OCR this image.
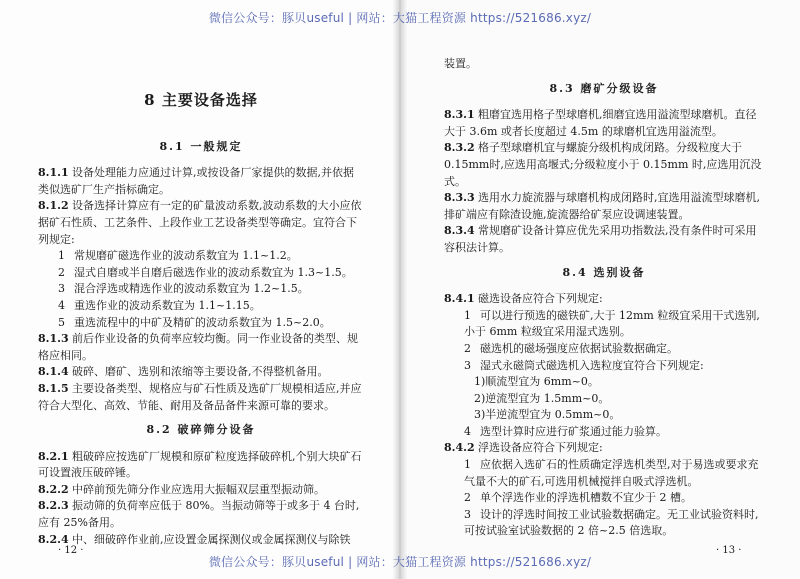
8 主要设备选择
8.1 一般规定

8.1.1 设备处理能力应通过计算,或按设备厂家提供的数据,并依据类似选矿厂生产指标确定。

8.1.2 设备选择计算应有一定的矿量波动系数,波动系数的大小应依据矿石性质、工艺条件、上段作业工艺设备类型等确定。宜符合下列规定:

1 常规磨矿磁选作业的波动系数宜为 1.1~1.2。
2 湿式自磨或半自磨后磁选作业的波动系数宜为 1.3~1.5。
3 混合浮选或精选作业的波动系数宜为 1.2~1.5。
4 重选作业的波动系数宜为 1.1~1.15。
5 重选流程中的中矿及精矿的波动系数宜为 1.5~2.0。

8.1.3 前后作业设备的负荷率应较均衡。同一作业设备的类型、规格应相同。

8.1.4 破碎、磨矿、选别和浓缩等主要设备,不得整机备用。

8.1.5 主要设备类型、规格应与矿石性质及选矿厂规模相适应,并应符合大型化、高效、节能、耐用及备品备件来源可靠的要求。

8.2 破碎筛分设备

8.2.1 粗破碎应按选矿厂规模和原矿粒度选择破碎机,个别大块矿石可设置液压破碎锤。

8.2.2 中碎前预先筛分作业应选用大振幅双层重型振动筛。

8.2.3 振动筛的负荷率应低于 80%。当振动筛等于或多于 4 台时,应有 25%备用。

8.2.4 中、细破碎作业前,应设置金属探测仪或金属探测仪与除铁

· 12 ·

装置。

8.3 磨矿分级设备

8.3.1 粗磨宜选用格子型球磨机,细磨宜选用溢流型球磨机。直径大于 3.6m 或者长度超过 4.5m 的球磨机宜选用溢流型。

8.3.2 格子型球磨机宜与螺旋分级机构成闭路。分级粒度大于 0.15mm时,应选用高堰式;分级粒度小于 0.15mm 时,应选用沉没式。

8.3.3 选用水力旋流器与球磨机构成闭路时,宜选用溢流型球磨机,排矿端应有除渣设施,旋流器给矿泵应设调速装置。

8.3.4 常规磨矿设备计算应优先采用功指数法,没有条件时可采用容积法计算。

8.4 选别设备

8.4.1 磁选设备应符合下列规定:

1 可以进行预选的磁铁矿,大于 12mm 粒级宜采用干式选别,小于 6mm 粒级宜采用湿式选别。
2 磁选机的磁场强度应依据试验数据确定。
3 湿式永磁筒式磁选机入选粒度宜符合下列规定:
1)顺流型宜为 6mm~0。
2)逆流型宜为 1.5mm~0。
3)半逆流型宜为 0.5mm~0。
4 选型计算时应进行矿浆通过能力验算。

8.4.2 浮选设备应符合下列规定:

1 应依据入选矿石的性质确定浮选机类型,对于易选或要求充气量不大的矿石,可选用机械搅拌自吸式浮选机。
2 单个浮选作业的浮选机槽数不宜少于 2 槽。
3 设计的浮选时间按工业试验数据确定。无工业试验资料时,可按试验室试验数据的 2 倍~2.5 倍选取。
· 13 ·
微信公众号：豚贝useful | 网站：大猫工程资源 https://521686.xyz/
微信公众号：豚贝useful | 网站：大猫工程资源 https://521686.xyz/
